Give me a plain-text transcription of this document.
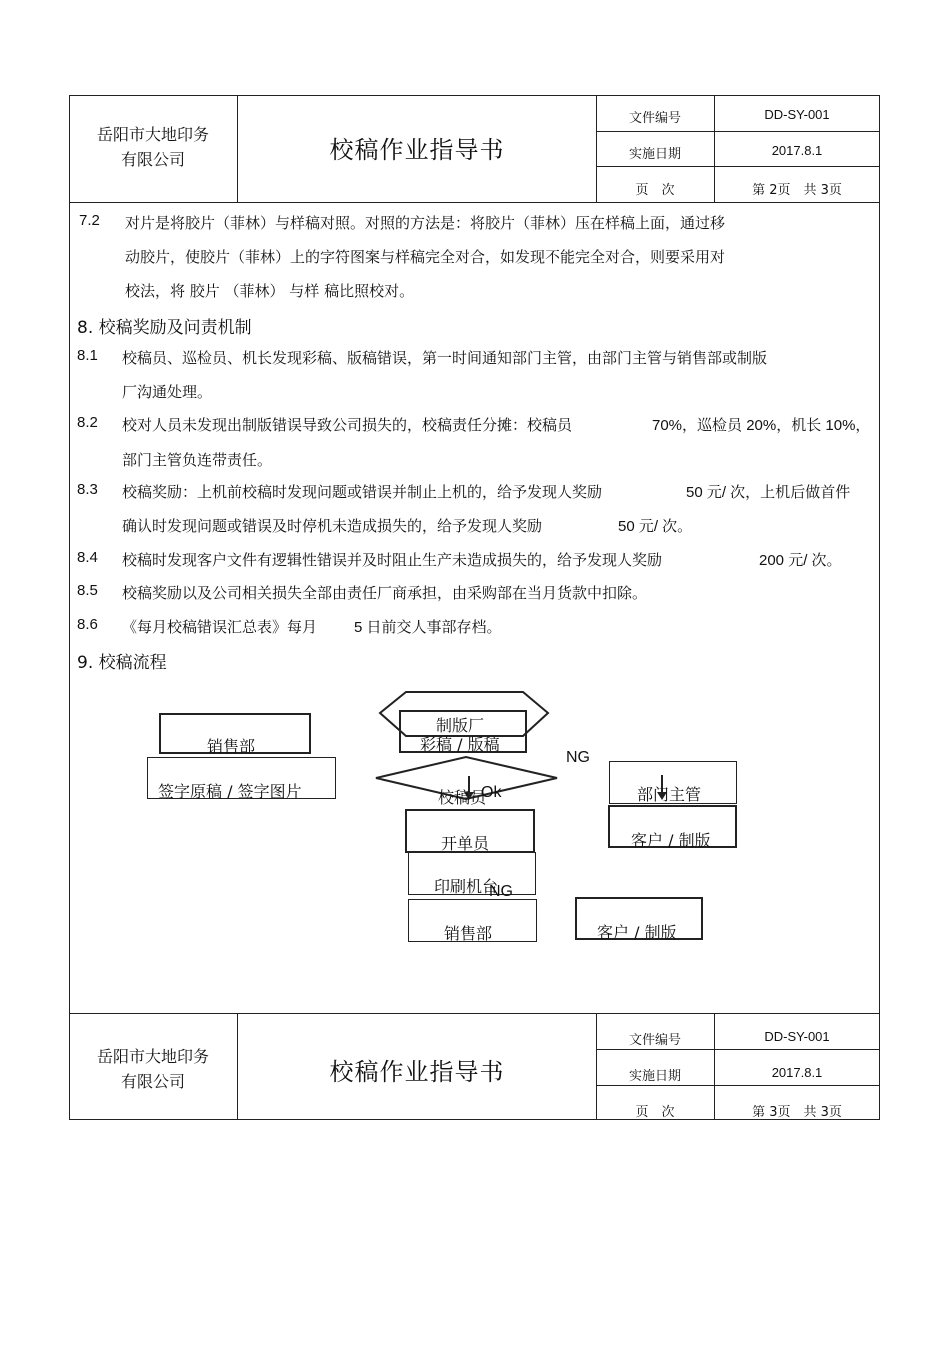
岳阳市大地印务
有限公司	校稿作业指导书
文件编号	DD-SY-001
实施日期	2017.8.1
页　次	第 2页　共 3页
7.2 对片是将胶片（菲林）与样稿对照。对照的方法是：将胶片（菲林）压在样稿上面，通过移
动胶片，使胶片（菲林）上的字符图案与样稿完全对合，如发现不能完全对合，则要采用对
校法，将 胶片 （菲林） 与样 稿比照校对。
8. 校稿奖励及问责机制
8.1 校稿员、巡检员、机长发现彩稿、版稿错误，第一时间通知部门主管，由部门主管与销售部或制版
厂沟通处理。
8.2 校对人员未发现出制版错误导致公司损失的，校稿责任分摊：校稿员	70%，巡检员 20%，机长 10%，
部门主管负连带责任。
8.3 校稿奖励：上机前校稿时发现问题或错误并制止上机的，给予发现人奖励	50 元/ 次，上机后做首件
确认时发现问题或错误及时停机未造成损失的，给予发现人奖励	50 元/ 次。
8.4 校稿时发现客户文件有逻辑性错误并及时阻止生产未造成损失的，给予发现人奖励	200 元/ 次。
8.5 校稿奖励以及公司相关损失全部由责任厂商承担，由采购部在当月货款中扣除。
8.6 《每月校稿错误汇总表》每月 5 日前交人事部存档。
9. 校稿流程
销售部
签字原稿 / 签字图片
制版厂
彩稿 / 版稿
NG
校稿员
Ok	部门主管
客户 / 制版
开单员
印刷机台
NG
销售部	客户 / 制版
岳阳市大地印务
有限公司	校稿作业指导书
文件编号	DD-SY-001
实施日期	2017.8.1
页　次	第 3页　共 3页
